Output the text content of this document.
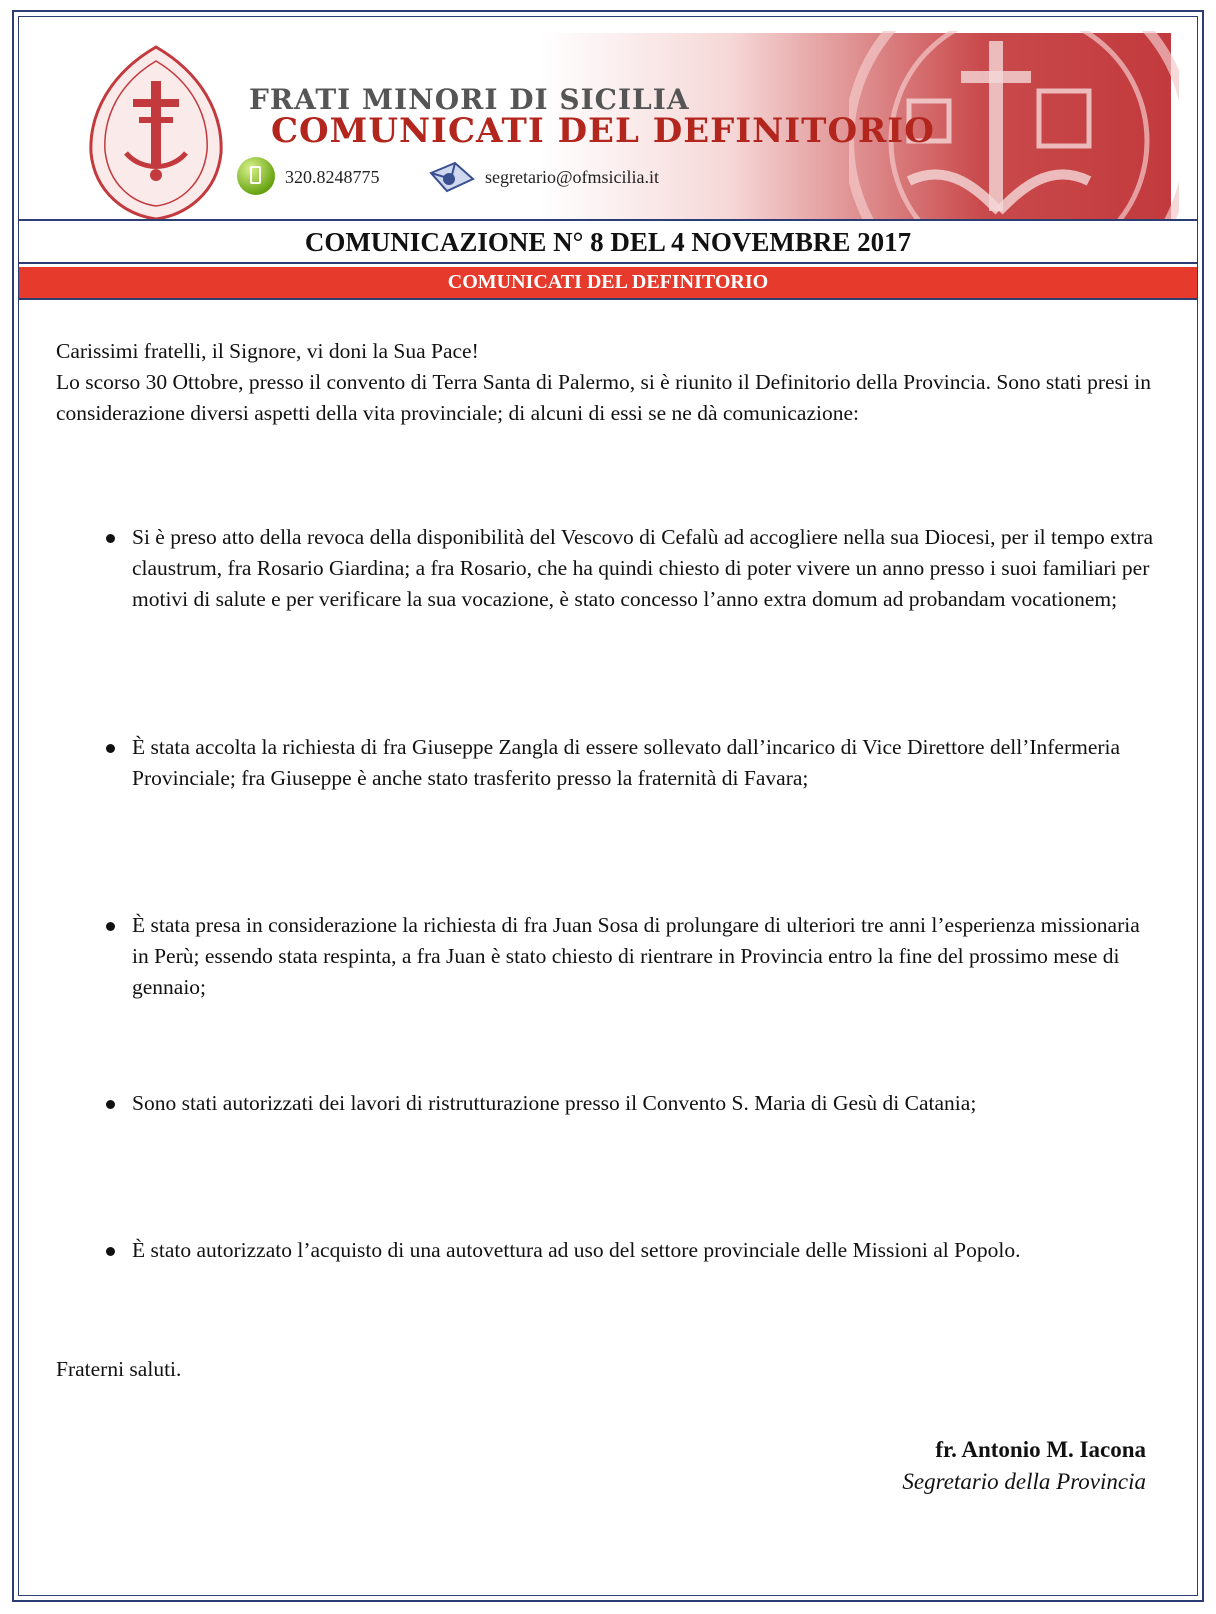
FRATI MINORI DI SICILIA
COMUNICATI DEL DEFINITORIO
320.8248775	segretario@ofmsicilia.it
COMUNICAZIONE N° 8 DEL 4 NOVEMBRE 2017
COMUNICATI DEL DEFINITORIO

Carissimi fratelli, il Signore, vi doni la Sua Pace!

Lo scorso 30 Ottobre, presso il convento di Terra Santa di Palermo, si è riunito il Definitorio della Provincia. Sono stati presi in considerazione diversi aspetti della vita provinciale; di alcuni di essi se ne dà comunicazione:

Si è preso atto della revoca della disponibilità del Vescovo di Cefalù ad accogliere nella sua Diocesi, per il tempo extra claustrum, fra Rosario Giardina; a fra Rosario, che ha quindi chiesto di poter vivere un anno presso i suoi familiari per motivi di salute e per verificare la sua vocazione, è stato concesso l’anno extra domum ad probandam vocationem;
È stata accolta la richiesta di fra Giuseppe Zangla di essere sollevato dall’incarico di Vice Direttore dell’Infermeria Provinciale; fra Giuseppe è anche stato trasferito presso la fraternità di Favara;
È stata presa in considerazione la richiesta di fra Juan Sosa di prolungare di ulteriori tre anni l’esperienza missionaria in Perù; essendo stata respinta, a fra Juan è stato chiesto di rientrare in Provincia entro la fine del prossimo mese di gennaio;
Sono stati autorizzati dei lavori di ristrutturazione presso il Convento S. Maria di Gesù di Catania;
È stato autorizzato l’acquisto di una autovettura ad uso del settore provinciale delle Missioni al Popolo.

Fraterni saluti.

fr. Antonio M. Iacona
Segretario della Provincia
